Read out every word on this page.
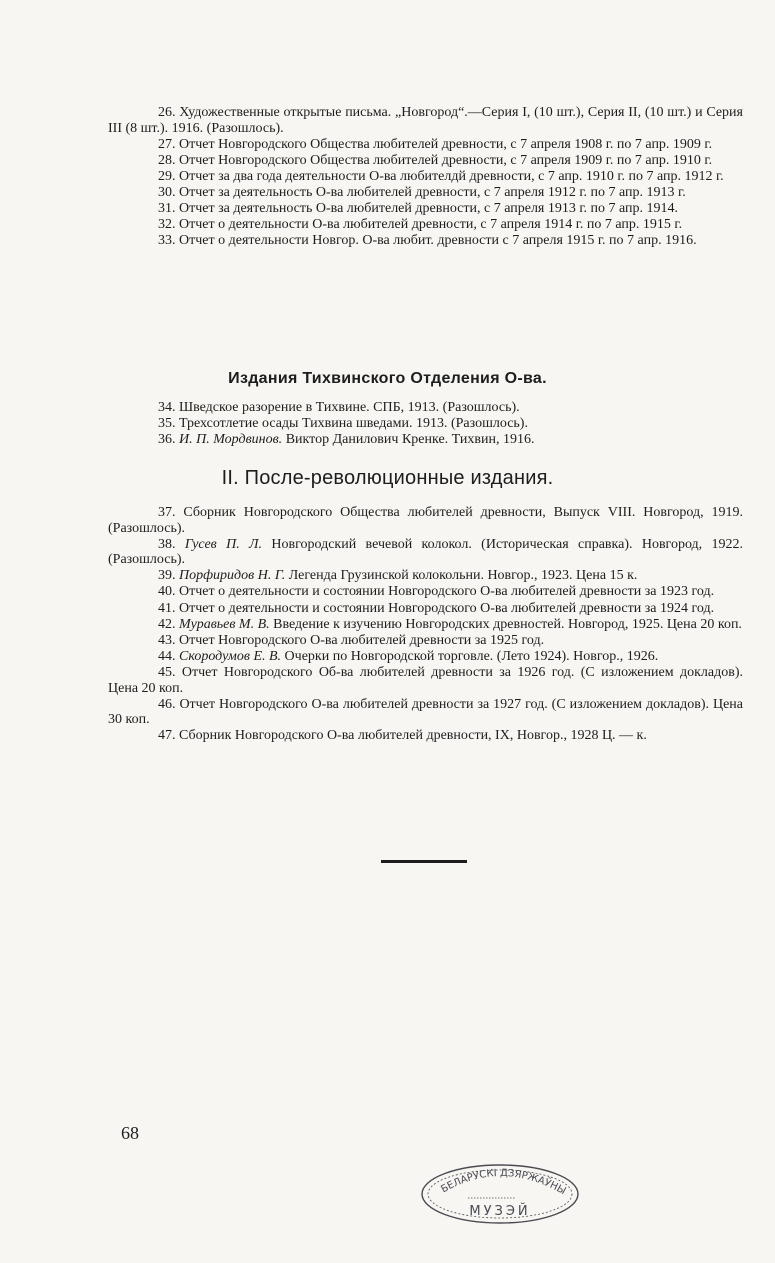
26. Художественные открытые письма. „Новгород“.—Серия I, (10 шт.), Серия II, (10 шт.) и Серия III (8 шт.). 1916. (Разошлось).

27. Отчет Новгородского Общества любителей древности, с 7 апреля 1908 г. по 7 апр. 1909 г.

28. Отчет Новгородского Общества любителей древности, с 7 апреля 1909 г. по 7 апр. 1910 г.

29. Отчет за два года деятельности О-ва любителдй древности, с 7 апр. 1910 г. по 7 апр. 1912 г.

30. Отчет за деятельность О-ва любителей древности, с 7 апреля 1912 г. по 7 апр. 1913 г.

31. Отчет за деятельность О-ва любителей древности, с 7 апреля 1913 г. по 7 апр. 1914.

32. Отчет о деятельности О-ва любителей древности, с 7 апреля 1914 г. по 7 апр. 1915 г.

33. Отчет о деятельности Новгор. О-ва любит. древности с 7 апреля 1915 г. по 7 апр. 1916.

Издания Тихвинского Отделения О-ва.

34. Шведское разорение в Тихвине. СПБ, 1913. (Разошлось).

35. Трехсотлетие осады Тихвина шведами. 1913. (Разошлось).

36. И. П. Мордвинов. Виктор Данилович Кренке. Тихвин, 1916.

II. После-революционные издания.

37. Сборник Новгородского Общества любителей древности, Выпуск VIII. Новгород, 1919. (Разошлось).

38. Гусев П. Л. Новгородский вечевой колокол. (Историческая справка). Новгород, 1922. (Разошлось).

39. Порфиридов Н. Г. Легенда Грузинской колокольни. Новгор., 1923. Цена 15 к.

40. Отчет о деятельности и состоянии Новгородского О-ва любителей древности за 1923 год.

41. Отчет о деятельности и состоянии Новгородского О-ва любителей древности за 1924 год.

42. Муравьев М. В. Введение к изучению Новгородских древностей. Новгород, 1925. Цена 20 коп.

43. Отчет Новгородского О-ва любителей древности за 1925 год.

44. Скородумов Е. В. Очерки по Новгородской торговле. (Лето 1924). Новгор., 1926.

45. Отчет Новгородского Об-ва любителей древности за 1926 год. (С изложением докладов). Цена 20 коп.

46. Отчет Новгородского О-ва любителей древности за 1927 год. (С изложением докладов). Цена 30 коп.

47. Сборник Новгородского О-ва любителей древности, IX, Новгор., 1928 Ц. — к.

68
БЕЛАРУСКІ ДЗЯРЖАЎНЫ
МУЗЭЙ
